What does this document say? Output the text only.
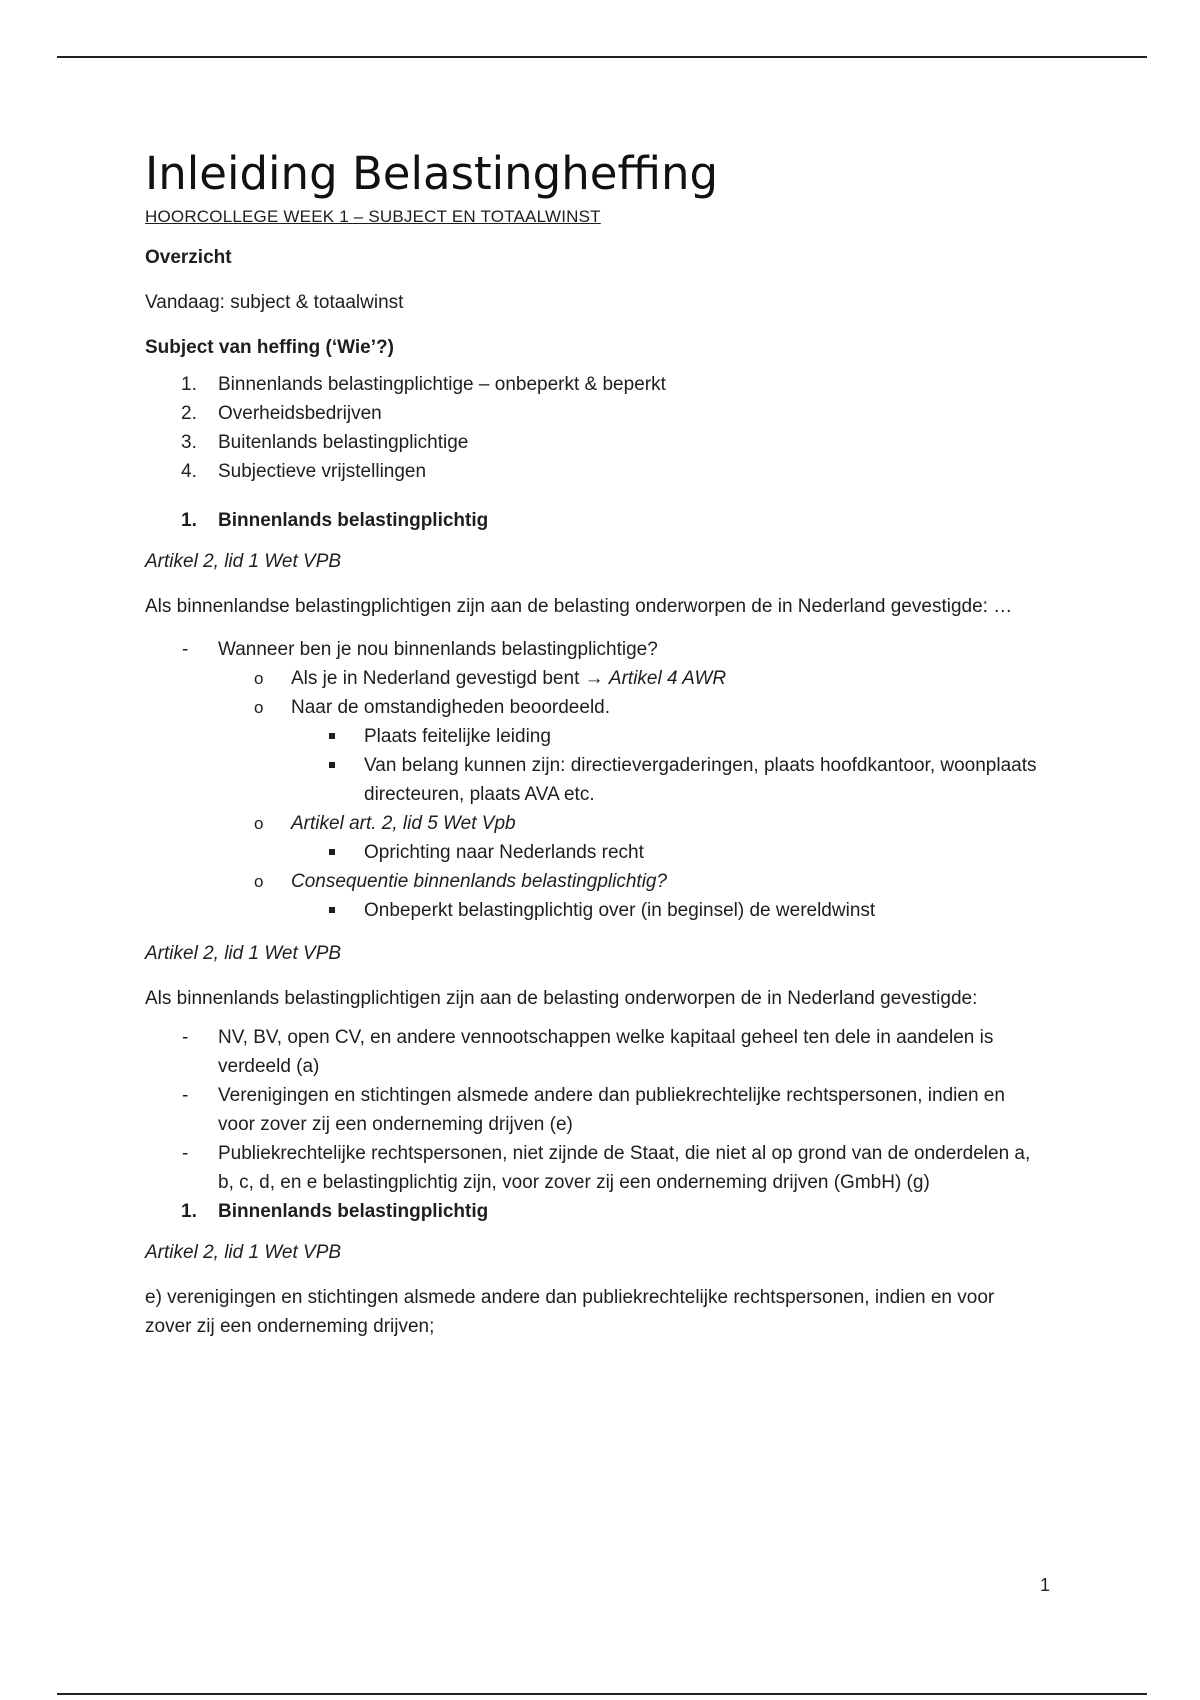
Inleiding Belastingheffing
HOORCOLLEGE WEEK 1 – SUBJECT EN TOTAALWINST

Overzicht

Vandaag: subject & totaalwinst

Subject van heffing (‘Wie’?)

1.	Binnenlands belastingplichtige – onbeperkt & beperkt
2.	Overheidsbedrijven
3.	Buitenlands belastingplichtige
4.	Subjectieve vrijstellingen
1.	Binnenlands belastingplichtig

Artikel 2, lid 1 Wet VPB

Als binnenlandse belastingplichtigen zijn aan de belasting onderworpen de in Nederland gevestigde: …

- Wanneer ben je nou binnenlands belastingplichtige?
o Als je in Nederland gevestigd bent → Artikel 4 AWR
o Naar de omstandigheden beoordeeld.
Plaats feitelijke leiding
Van belang kunnen zijn: directievergaderingen, plaats hoofdkantoor, woonplaats directeuren, plaats AVA etc.
o Artikel art. 2, lid 5 Wet Vpb
Oprichting naar Nederlands recht
o Consequentie binnenlands belastingplichtig?
Onbeperkt belastingplichtig over (in beginsel) de wereldwinst

Artikel 2, lid 1 Wet VPB

Als binnenlands belastingplichtigen zijn aan de belasting onderworpen de in Nederland gevestigde:

- NV, BV, open CV, en andere vennootschappen welke kapitaal geheel ten dele in aandelen is verdeeld (a)
- Verenigingen en stichtingen alsmede andere dan publiekrechtelijke rechtspersonen, indien en voor zover zij een onderneming drijven (e)
- Publiekrechtelijke rechtspersonen, niet zijnde de Staat, die niet al op grond van de onderdelen a, b, c, d, en e belastingplichtig zijn, voor zover zij een onderneming drijven (GmbH) (g)
1.	Binnenlands belastingplichtig

Artikel 2, lid 1 Wet VPB

e) verenigingen en stichtingen alsmede andere dan publiekrechtelijke rechtspersonen, indien en voor zover zij een onderneming drijven;

1
